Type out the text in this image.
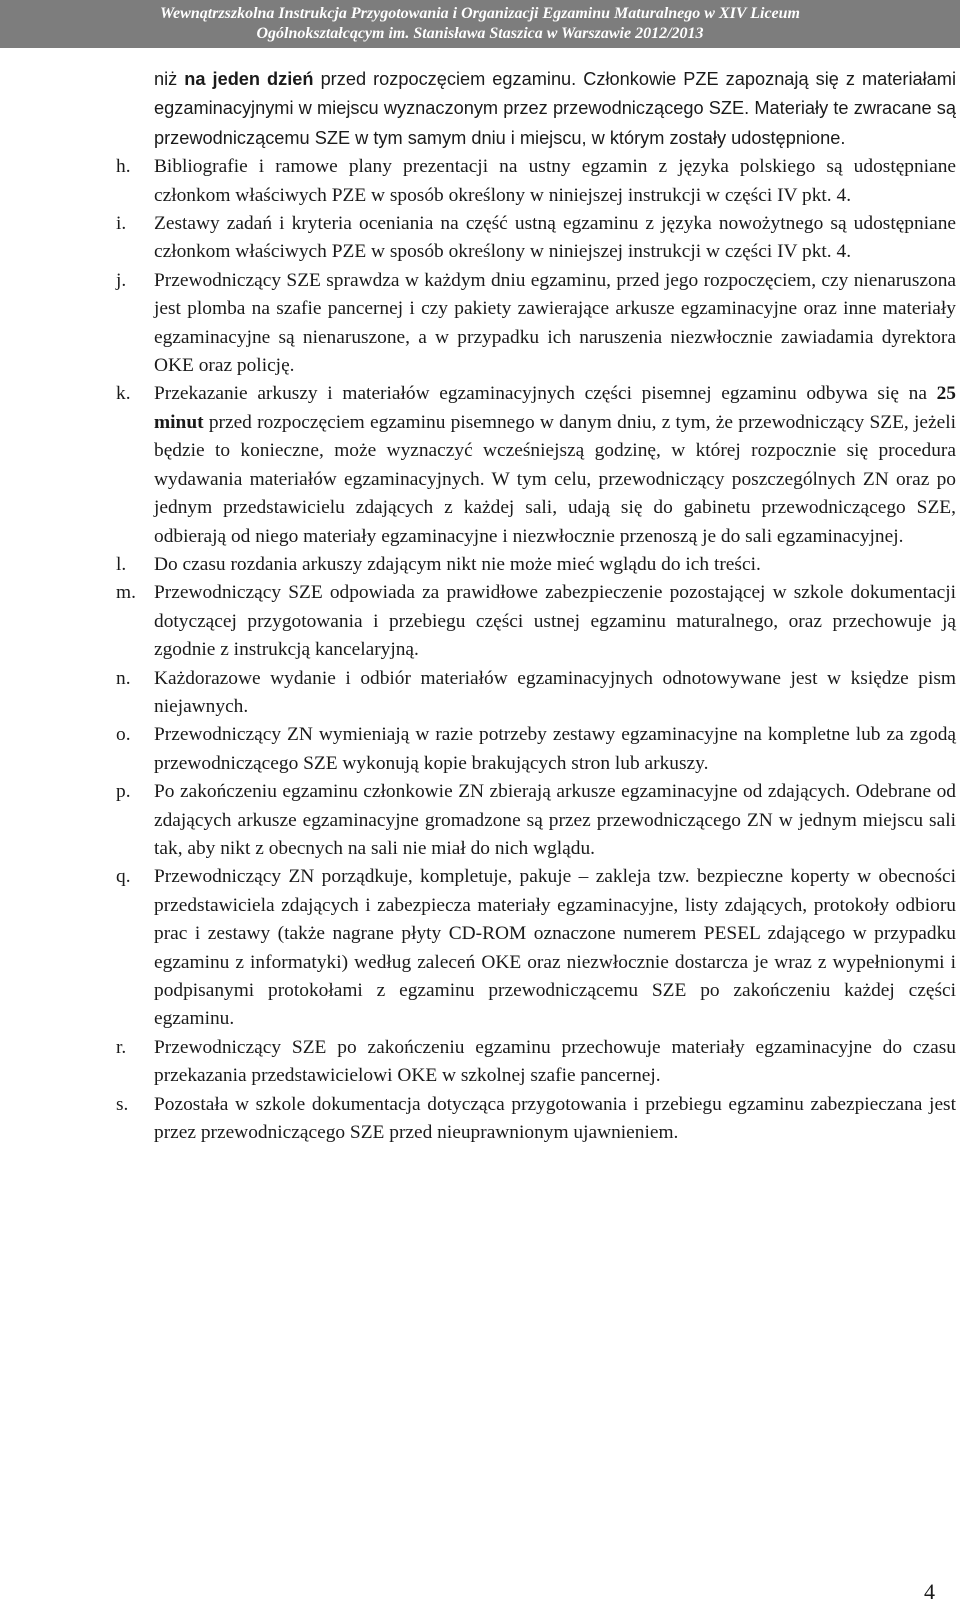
Wewnątrzszkolna Instrukcja Przygotowania i Organizacji Egzaminu Maturalnego w XIV Liceum
Ogólnokształcącym im. Stanisława Staszica w Warszawie 2012/2013
niż na jeden dzień przed rozpoczęciem egzaminu. Członkowie PZE zapoznają się z materiałami egzaminacyjnymi w miejscu wyznaczonym przez przewodniczącego SZE. Materiały te zwracane są przewodniczącemu SZE w tym samym dniu i miejscu, w którym zostały udostępnione.
h.	Bibliografie i ramowe plany prezentacji na ustny egzamin z języka polskiego są udostępniane członkom właściwych PZE w sposób określony w niniejszej instrukcji w części IV pkt. 4.
i.	Zestawy zadań i kryteria oceniania na część ustną egzaminu z języka nowożytnego są udostępniane członkom właściwych PZE w sposób określony w niniejszej instrukcji w części IV pkt. 4.
j.	Przewodniczący SZE sprawdza w każdym dniu egzaminu, przed jego rozpoczęciem, czy nienaruszona jest plomba na szafie pancernej i czy pakiety zawierające arkusze egzaminacyjne oraz inne materiały egzaminacyjne są nienaruszone, a w przypadku ich naruszenia niezwłocznie zawiadamia dyrektora OKE oraz policję.
k.	Przekazanie arkuszy i materiałów egzaminacyjnych części pisemnej egzaminu odbywa się na 25 minut przed rozpoczęciem egzaminu pisemnego w danym dniu, z tym, że przewodniczący SZE, jeżeli będzie to konieczne, może wyznaczyć wcześniejszą godzinę, w której rozpocznie się procedura wydawania materiałów egzaminacyjnych. W tym celu, przewodniczący poszczególnych ZN oraz po jednym przedstawicielu zdających z każdej sali, udają się do gabinetu przewodniczącego SZE, odbierają od niego materiały egzaminacyjne i niezwłocznie przenoszą je do sali egzaminacyjnej.
l.	Do czasu rozdania arkuszy zdającym nikt nie może mieć wglądu do ich treści.
m. Przewodniczący SZE odpowiada za prawidłowe zabezpieczenie pozostającej w szkole dokumentacji dotyczącej przygotowania i przebiegu części ustnej egzaminu maturalnego, oraz przechowuje ją zgodnie z instrukcją kancelaryjną.
n.	Każdorazowe wydanie i odbiór materiałów egzaminacyjnych odnotowywane jest w księdze pism niejawnych.
o.	Przewodniczący ZN wymieniają w razie potrzeby zestawy egzaminacyjne na kompletne lub za zgodą przewodniczącego SZE wykonują kopie brakujących stron lub arkuszy.
p.	Po zakończeniu egzaminu członkowie ZN zbierają arkusze egzaminacyjne od zdających. Odebrane od zdających arkusze egzaminacyjne gromadzone są przez przewodniczącego ZN w jednym miejscu sali tak, aby nikt z obecnych na sali nie miał do nich wglądu.
q.	Przewodniczący ZN porządkuje, kompletuje, pakuje – zakleja tzw. bezpieczne koperty w obecności przedstawiciela zdających i zabezpiecza materiały egzaminacyjne, listy zdających, protokoły odbioru prac i zestawy (także nagrane płyty CD-ROM oznaczone numerem PESEL zdającego w przypadku egzaminu z informatyki) według zaleceń OKE oraz niezwłocznie dostarcza je wraz z wypełnionymi i podpisanymi protokołami z egzaminu przewodniczącemu SZE po zakończeniu każdej części egzaminu.
r.	Przewodniczący SZE po zakończeniu egzaminu przechowuje materiały egzaminacyjne do czasu przekazania przedstawicielowi OKE w szkolnej szafie pancernej.
s.	Pozostała w szkole dokumentacja dotycząca przygotowania i przebiegu egzaminu zabezpieczana jest przez przewodniczącego SZE przed nieuprawnionym ujawnieniem.
4
